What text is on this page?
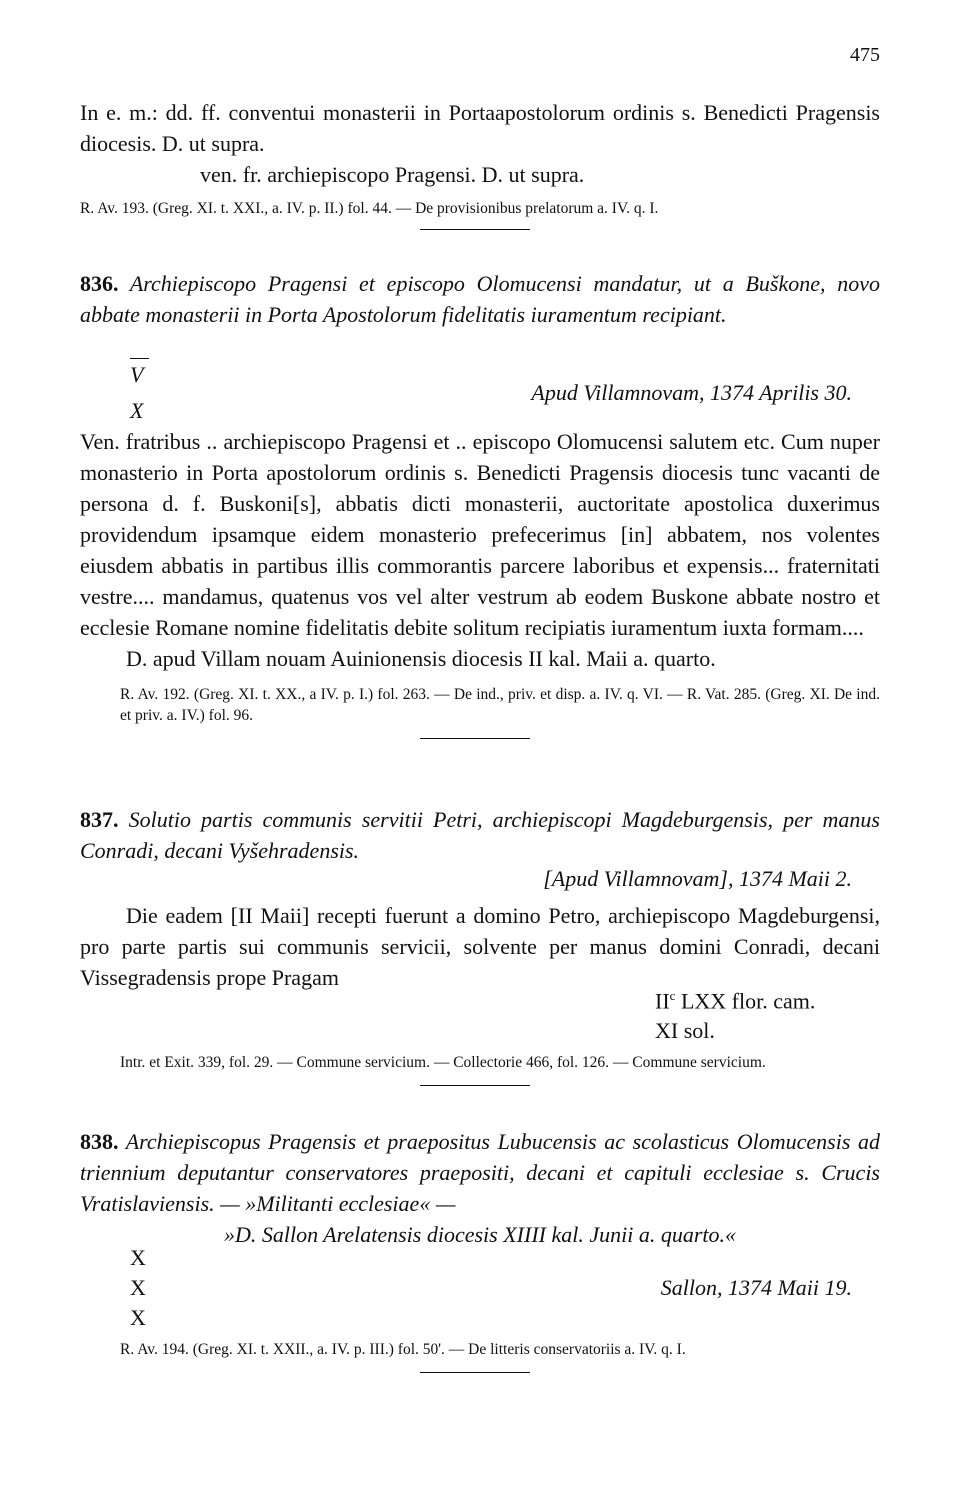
475

In e. m.: dd. ff. conventui monasterii in Portaapostolorum ordinis s. Benedicti Pragensis diocesis. D. ut supra.

ven. fr. archiepiscopo Pragensi. D. ut supra.

R. Av. 193. (Greg. XI. t. XXI., a. IV. p. II.) fol. 44. — De provisionibus prelatorum a. IV. q. I.

836. Archiepiscopo Pragensi et episcopo Olomucensi mandatur, ut a Buškone, novo abbate monasterii in Porta Apostolorum fidelitatis iuramentum recipiant.

V
X
Apud Villamnovam, 1374 Aprilis 30.

Ven. fratribus .. archiepiscopo Pragensi et .. episcopo Olomucensi salutem etc. Cum nuper monasterio in Porta apostolorum ordinis s. Benedicti Pragensis diocesis tunc vacanti de persona d. f. Buskoni[s], abbatis dicti monasterii, auctoritate apostolica duxerimus providendum ipsamque eidem monasterio prefecerimus [in] abbatem, nos volentes eiusdem abbatis in partibus illis commorantis parcere laboribus et expensis... fraternitati vestre.... mandamus, quatenus vos vel alter vestrum ab eodem Buskone abbate nostro et ecclesie Romane nomine fidelitatis debite solitum recipiatis iuramentum iuxta formam....

D. apud Villam nouam Auinionensis diocesis II kal. Maii a. quarto.

R. Av. 192. (Greg. XI. t. XX., a IV. p. I.) fol. 263. — De ind., priv. et disp. a. IV. q. VI. — R. Vat. 285. (Greg. XI. De ind. et priv. a. IV.) fol. 96.

837. Solutio partis communis servitii Petri, archiepiscopi Magdeburgensis, per manus Conradi, decani Vyšehradensis.

[Apud Villamnovam], 1374 Maii 2.

Die eadem [II Maii] recepti fuerunt a domino Petro, archiepiscopo Magdeburgensi, pro parte partis sui communis servicii, solvente per manus domini Conradi, decani Vissegradensis prope Pragam

$II^c$ LXX flor. cam.
XI sol.

Intr. et Exit. 339, fol. 29. — Commune servicium. — Collectorie 466, fol. 126. — Commune servicium.

838. Archiepiscopus Pragensis et praepositus Lubucensis ac scolasticus Olomucensis ad triennium deputantur conservatores praepositi, decani et capituli ecclesiae s. Crucis Vratislaviensis. — »Militanti ecclesiae« —

»D. Sallon Arelatensis diocesis XIIII kal. Junii a. quarto.«

X
X
X
Sallon, 1374 Maii 19.

R. Av. 194. (Greg. XI. t. XXII., a. IV. p. III.) fol. 50'. — De litteris conservatoriis a. IV. q. I.
